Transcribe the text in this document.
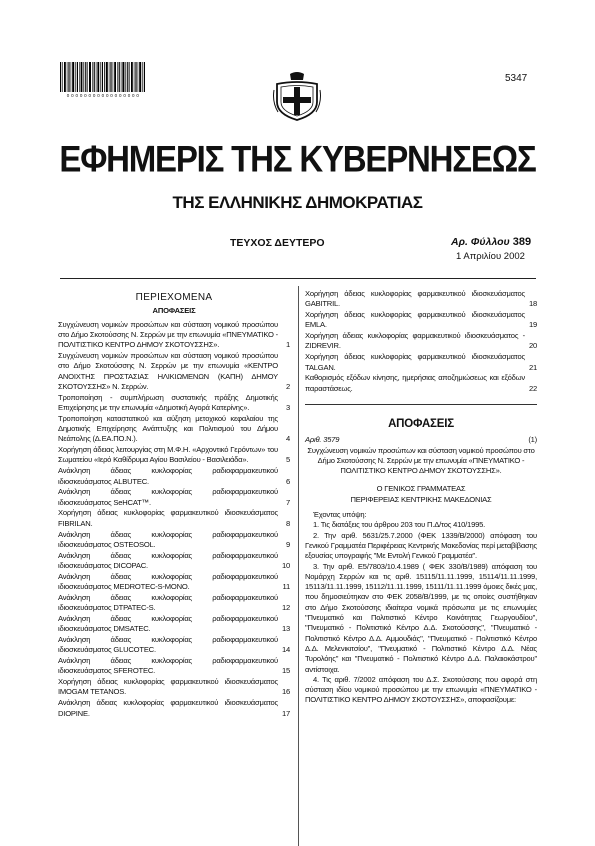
0 0 0 0 0 0 0 0 0 0 0 0 0 0 0 0 0
5347
ΕΦΗΜΕΡΙΣ ΤΗΣ ΚΥΒΕΡΝΗΣΕΩΣ
ΤΗΣ ΕΛΛΗΝΙΚΗΣ ΔΗΜΟΚΡΑΤΙΑΣ
ΤΕΥΧΟΣ ΔΕΥΤΕΡΟ	Αρ. Φύλλου 389
1 Απριλίου 2002
ΠΕΡΙΕΧΟΜΕΝΑ
ΑΠΟΦΑΣΕΙΣ
Συγχώνευση νομικών προσώπων και σύσταση νομικού προσώπου στο Δήμο Σκοτούσσης Ν. Σερρών με την επωνυμία «ΠΝΕΥΜΑΤΙΚΟ - ΠΟΛΙΤΙΣΤΙΚΟ ΚΕΝΤΡΟ ΔΗΜΟΥ ΣΚΟΤΟΥΣΣΗΣ».	1
Συγχώνευση νομικών προσώπων και σύσταση νομικού προσώπου στο Δήμο Σκοτούσσης Ν. Σερρών με την επωνυμία «ΚΕΝΤΡΟ ΑΝΟΙΧΤΗΣ ΠΡΟΣΤΑΣΙΑΣ ΗΛΙΚΙΩΜΕΝΩΝ (ΚΑΠΗ) ΔΗΜΟΥ ΣΚΟΤΟΥΣΣΗΣ» Ν. Σερρών.	2
Τροποποίηση - συμπλήρωση συστατικής πράξης Δημοτικής Επιχείρησης με την επωνυμία «Δημοτική Αγορά Κατερίνης».	3
Τροποποίηση καταστατικού και αύξηση μετοχικού κεφαλαίου της Δημοτικής Επιχείρησης Ανάπτυξης και Πολιτισμού του Δήμου Νεάπολης (Δ.ΕΑ.ΠΟ.Ν.).	4
Χορήγηση άδειας λειτουργίας στη Μ.Φ.Η. «Αρχοντικό Γερόντων» του Σωματείου «Ιερό Καθίδρυμα Αγίου Βασιλείου - Βασιλειάδα».	5
Ανάκληση άδειας κυκλοφορίας ραδιοφαρμακευτικού ιδιοσκευάσματος ALBUTEC.	6
Ανάκληση άδειας κυκλοφορίας ραδιοφαρμακευτικού ιδιοσκευάσματος SeHCAT™.	7
Χορήγηση άδειας κυκλοφορίας φαρμακευτικού ιδιοσκευάσματος FIBRILAN.	8
Ανάκληση άδειας κυκλοφορίας ραδιοφαρμακευτικού ιδιοσκευάσματος OSTEOSOL.	9
Ανάκληση άδειας κυκλοφορίας ραδιοφαρμακευτικού ιδιοσκευάσματος DICOPAC.	10
Ανάκληση άδειας κυκλοφορίας ραδιοφαρμακευτικού ιδιοσκευάσματος MEDROTEC-S-MONO.	11
Ανάκληση άδειας κυκλοφορίας ραδιοφαρμακευτικού ιδιοσκευάσματος DTPATEC-S.	12
Ανάκληση άδειας κυκλοφορίας ραδιοφαρμακευτικού ιδιοσκευάσματος DMSATEC.	13
Ανάκληση άδειας κυκλοφορίας ραδιοφαρμακευτικού ιδιοσκευάσματος GLUCOTEC.	14
Ανάκληση άδειας κυκλοφορίας ραδιοφαρμακευτικού ιδιοσκευάσματος SFEROTEC.	15
Χορήγηση άδειας κυκλοφορίας φαρμακευτικού ιδιοσκευάσματος IMOGAM TETANOS.	16
Ανάκληση άδειας κυκλοφορίας φαρμακευτικού ιδιοσκευάσματος DIOPINE.	17
Χορήγηση άδειας κυκλοφορίας φαρμακευτικού ιδιοσκευάσματος GABITRIL.	18
Χορήγηση άδειας κυκλοφορίας φαρμακευτικού ιδιοσκευάσματος EMLA.	19
Χορήγηση άδειας κυκλοφορίας φαρμακευτικού ιδιοσκευάσματος - ZIDREVIR.	20
Χορήγηση άδειας κυκλοφορίας φαρμακευτικού ιδιοσκευάσματος TALGAN.	21
Καθορισμός εξόδων κίνησης, ημερήσιας αποζημιώσεως και εξόδων παραστάσεως.	22
ΑΠΟΦΑΣΕΙΣ
Αριθ. 3579	(1)
Συγχώνευση νομικών προσώπων και σύσταση νομικού προσώπου στο Δήμο Σκοτούσσης Ν. Σερρών με την επωνυμία «ΠΝΕΥΜΑΤΙΚΟ - ΠΟΛΙΤΙΣΤΙΚΟ ΚΕΝΤΡΟ ΔΗΜΟΥ ΣΚΟΤΟΥΣΣΗΣ».
Ο ΓΕΝΙΚΟΣ ΓΡΑΜΜΑΤΕΑΣ
ΠΕΡΙΦΕΡΕΙΑΣ ΚΕΝΤΡΙΚΗΣ ΜΑΚΕΔΟΝΙΑΣ
Έχοντας υπόψη:
1. Τις διατάξεις του άρθρου 203 του Π.Δ/τος 410/1995.
2. Την αριθ. 5631/25.7.2000 (ΦΕΚ 1339/Β/2000) απόφαση του Γενικού Γραμματέα Περιφέρειας Κεντρικής Μακεδονίας περί μεταβίβασης εξουσίας υπογραφής "Με Εντολή Γενικού Γραμματέα".
3. Την αριθ. Ε5/7803/10.4.1989 ( ΦΕΚ 330/Β/1989) απόφαση του Νομάρχη Σερρών και τις αριθ. 15115/11.11.1999, 15114/11.11.1999, 15113/11.11.1999, 15112/11.11.1999, 15111/11.11.1999 όμοιες δικές μας, που δημοσιεύτηκαν στο ΦΕΚ 2058/Β/1999, με τις οποίες συστήθηκαν στο Δήμο Σκοτούσσης ιδιαίτερα νομικά πρόσωπα με τις επωνυμίες "Πνευματικό και Πολιτιστικό Κέντρο Κοινότητας Γεωργουδίου", "Πνευματικό - Πολιτιστικό Κέντρο Δ.Δ. Σκοτούσσης", "Πνευματικό - Πολιτιστικό Κέντρο Δ.Δ. Αμμουδιάς", "Πνευματικό - Πολιτιστικό Κέντρο Δ.Δ. Μελενικιτσίου", "Πνευματικό - Πολιτιστικό Κέντρο Δ.Δ. Νέας Τυρολόης" και "Πνευματικό - Πολιτιστικό Κέντρο Δ.Δ. Παλαιοκάστρου" αντίστοιχα.
4. Τις αριθ. 7/2002 απόφαση του Δ.Σ. Σκοτούσσης που αφορά στη σύσταση ιδίου νομικού προσώπου με την επωνυμία «ΠΝΕΥΜΑΤΙΚΟ - ΠΟΛΙΤΙΣΤΙΚΟ ΚΕΝΤΡΟ ΔΗΜΟΥ ΣΚΟΤΟΥΣΣΗΣ», αποφασίζουμε:
